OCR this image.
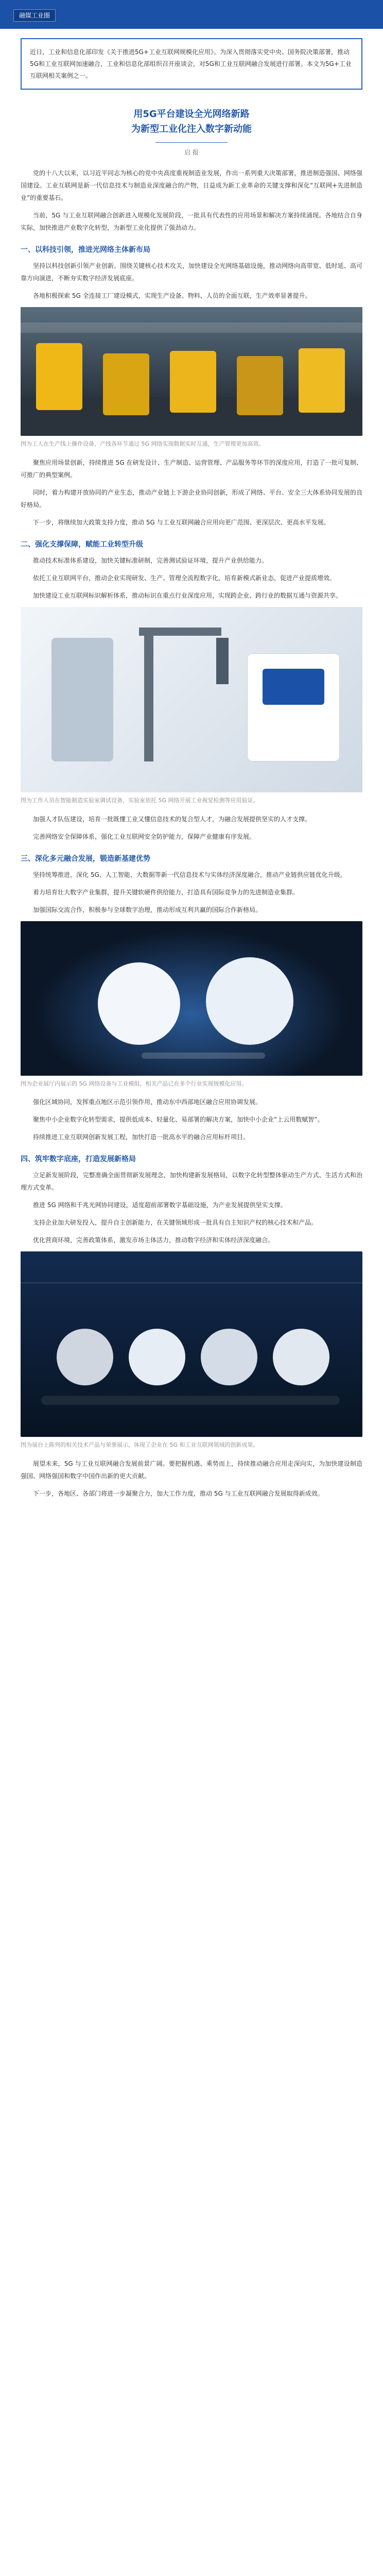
融媒工业圈
近日，工业和信息化部印发《关于推进5G+工业互联网规模化应用》。为深入贯彻落实党中央、国务院决策部署，推动5G和工业互联网加速融合，工业和信息化部组织召开座谈会，对5G和工业互联网融合发展进行部署。本文为5G+工业互联网相关案例之一。
用5G平台建设全光网络新路
为新型工业化注入数字新动能
启 报

党的十八大以来，以习近平同志为核心的党中央高度重视制造业发展，作出一系列重大决策部署，推进制造强国、网络强国建设。工业互联网是新一代信息技术与制造业深度融合的产物，日益成为新工业革命的关键支撑和深化“互联网+先进制造业”的重要基石。

当前，5G 与工业互联网融合创新进入规模化发展阶段，一批具有代表性的应用场景和解决方案持续涌现。各地结合自身实际，加快推进产业数字化转型，为新型工业化提供了强劲动力。

一、以科技引领，推进光网络主体新布局

坚持以科技创新引领产业创新。围绕关键核心技术攻关，加快建设全光网络基础设施，推动网络向高带宽、低时延、高可靠方向演进，不断夯实数字经济发展底座。

各地积极探索 5G 全连接工厂建设模式，实现生产设备、物料、人员的全面互联，生产效率显著提升。

图为工人在生产线上操作设备，产线各环节通过 5G 网络实现数据实时互通，生产管理更加高效。

聚焦应用场景创新，持续推进 5G 在研发设计、生产制造、运营管理、产品服务等环节的深度应用，打造了一批可复制、可推广的典型案例。

同时，着力构建开放协同的产业生态，推动产业链上下游企业协同创新，形成了网络、平台、安全三大体系协同发展的良好格局。

下一步，将继续加大政策支持力度，推动 5G 与工业互联网融合应用向更广范围、更深层次、更高水平发展。

二、强化支撑保障，赋能工业转型升级

推动技术标准体系建设，加快关键标准研制，完善测试验证环境，提升产业供给能力。

依托工业互联网平台，推动企业实现研发、生产、管理全流程数字化，培育新模式新业态，促进产业提质增效。

加快建设工业互联网标识解析体系，推动标识在重点行业深度应用，实现跨企业、跨行业的数据互通与资源共享。

图为工作人员在智能制造实验室调试设备，实验室依托 5G 网络开展工业视觉检测等应用验证。

加强人才队伍建设，培育一批既懂工业又懂信息技术的复合型人才，为融合发展提供坚实的人才支撑。

完善网络安全保障体系，强化工业互联网安全防护能力，保障产业健康有序发展。

三、深化多元融合发展，锻造新基建优势

坚持统筹推进，深化 5G、人工智能、大数据等新一代信息技术与实体经济深度融合，推动产业链供应链优化升级。

着力培育壮大数字产业集群，提升关键软硬件供给能力，打造具有国际竞争力的先进制造业集群。

加强国际交流合作，积极参与全球数字治理，推动形成互利共赢的国际合作新格局。

图为企业展厅内展示的 5G 网络设备与工业模组，相关产品已在多个行业实现规模化应用。

强化区域协同，发挥重点地区示范引领作用，推动东中西部地区融合应用协调发展。

聚焦中小企业数字化转型需求，提供低成本、轻量化、易部署的解决方案，加快中小企业“上云用数赋智”。

持续推进工业互联网创新发展工程，加快打造一批高水平的融合应用标杆项目。

四、筑牢数字底座，打造发展新格局

立足新发展阶段，完整准确全面贯彻新发展理念，加快构建新发展格局，以数字化转型整体驱动生产方式、生活方式和治理方式变革。

推进 5G 网络和千兆光网协同建设，适度超前部署数字基础设施，为产业发展提供坚实支撑。

支持企业加大研发投入，提升自主创新能力，在关键领域形成一批具有自主知识产权的核心技术和产品。

优化营商环境，完善政策体系，激发市场主体活力，推动数字经济和实体经济深度融合。

图为展台上陈列的相关技术产品与荣誉展示，体现了企业在 5G 和工业互联网领域的创新成果。

展望未来，5G 与工业互联网融合发展前景广阔。要把握机遇、乘势而上，持续推动融合应用走深向实，为加快建设制造强国、网络强国和数字中国作出新的更大贡献。

下一步，各地区、各部门将进一步凝聚合力，加大工作力度，推动 5G 与工业互联网融合发展取得新成效。
